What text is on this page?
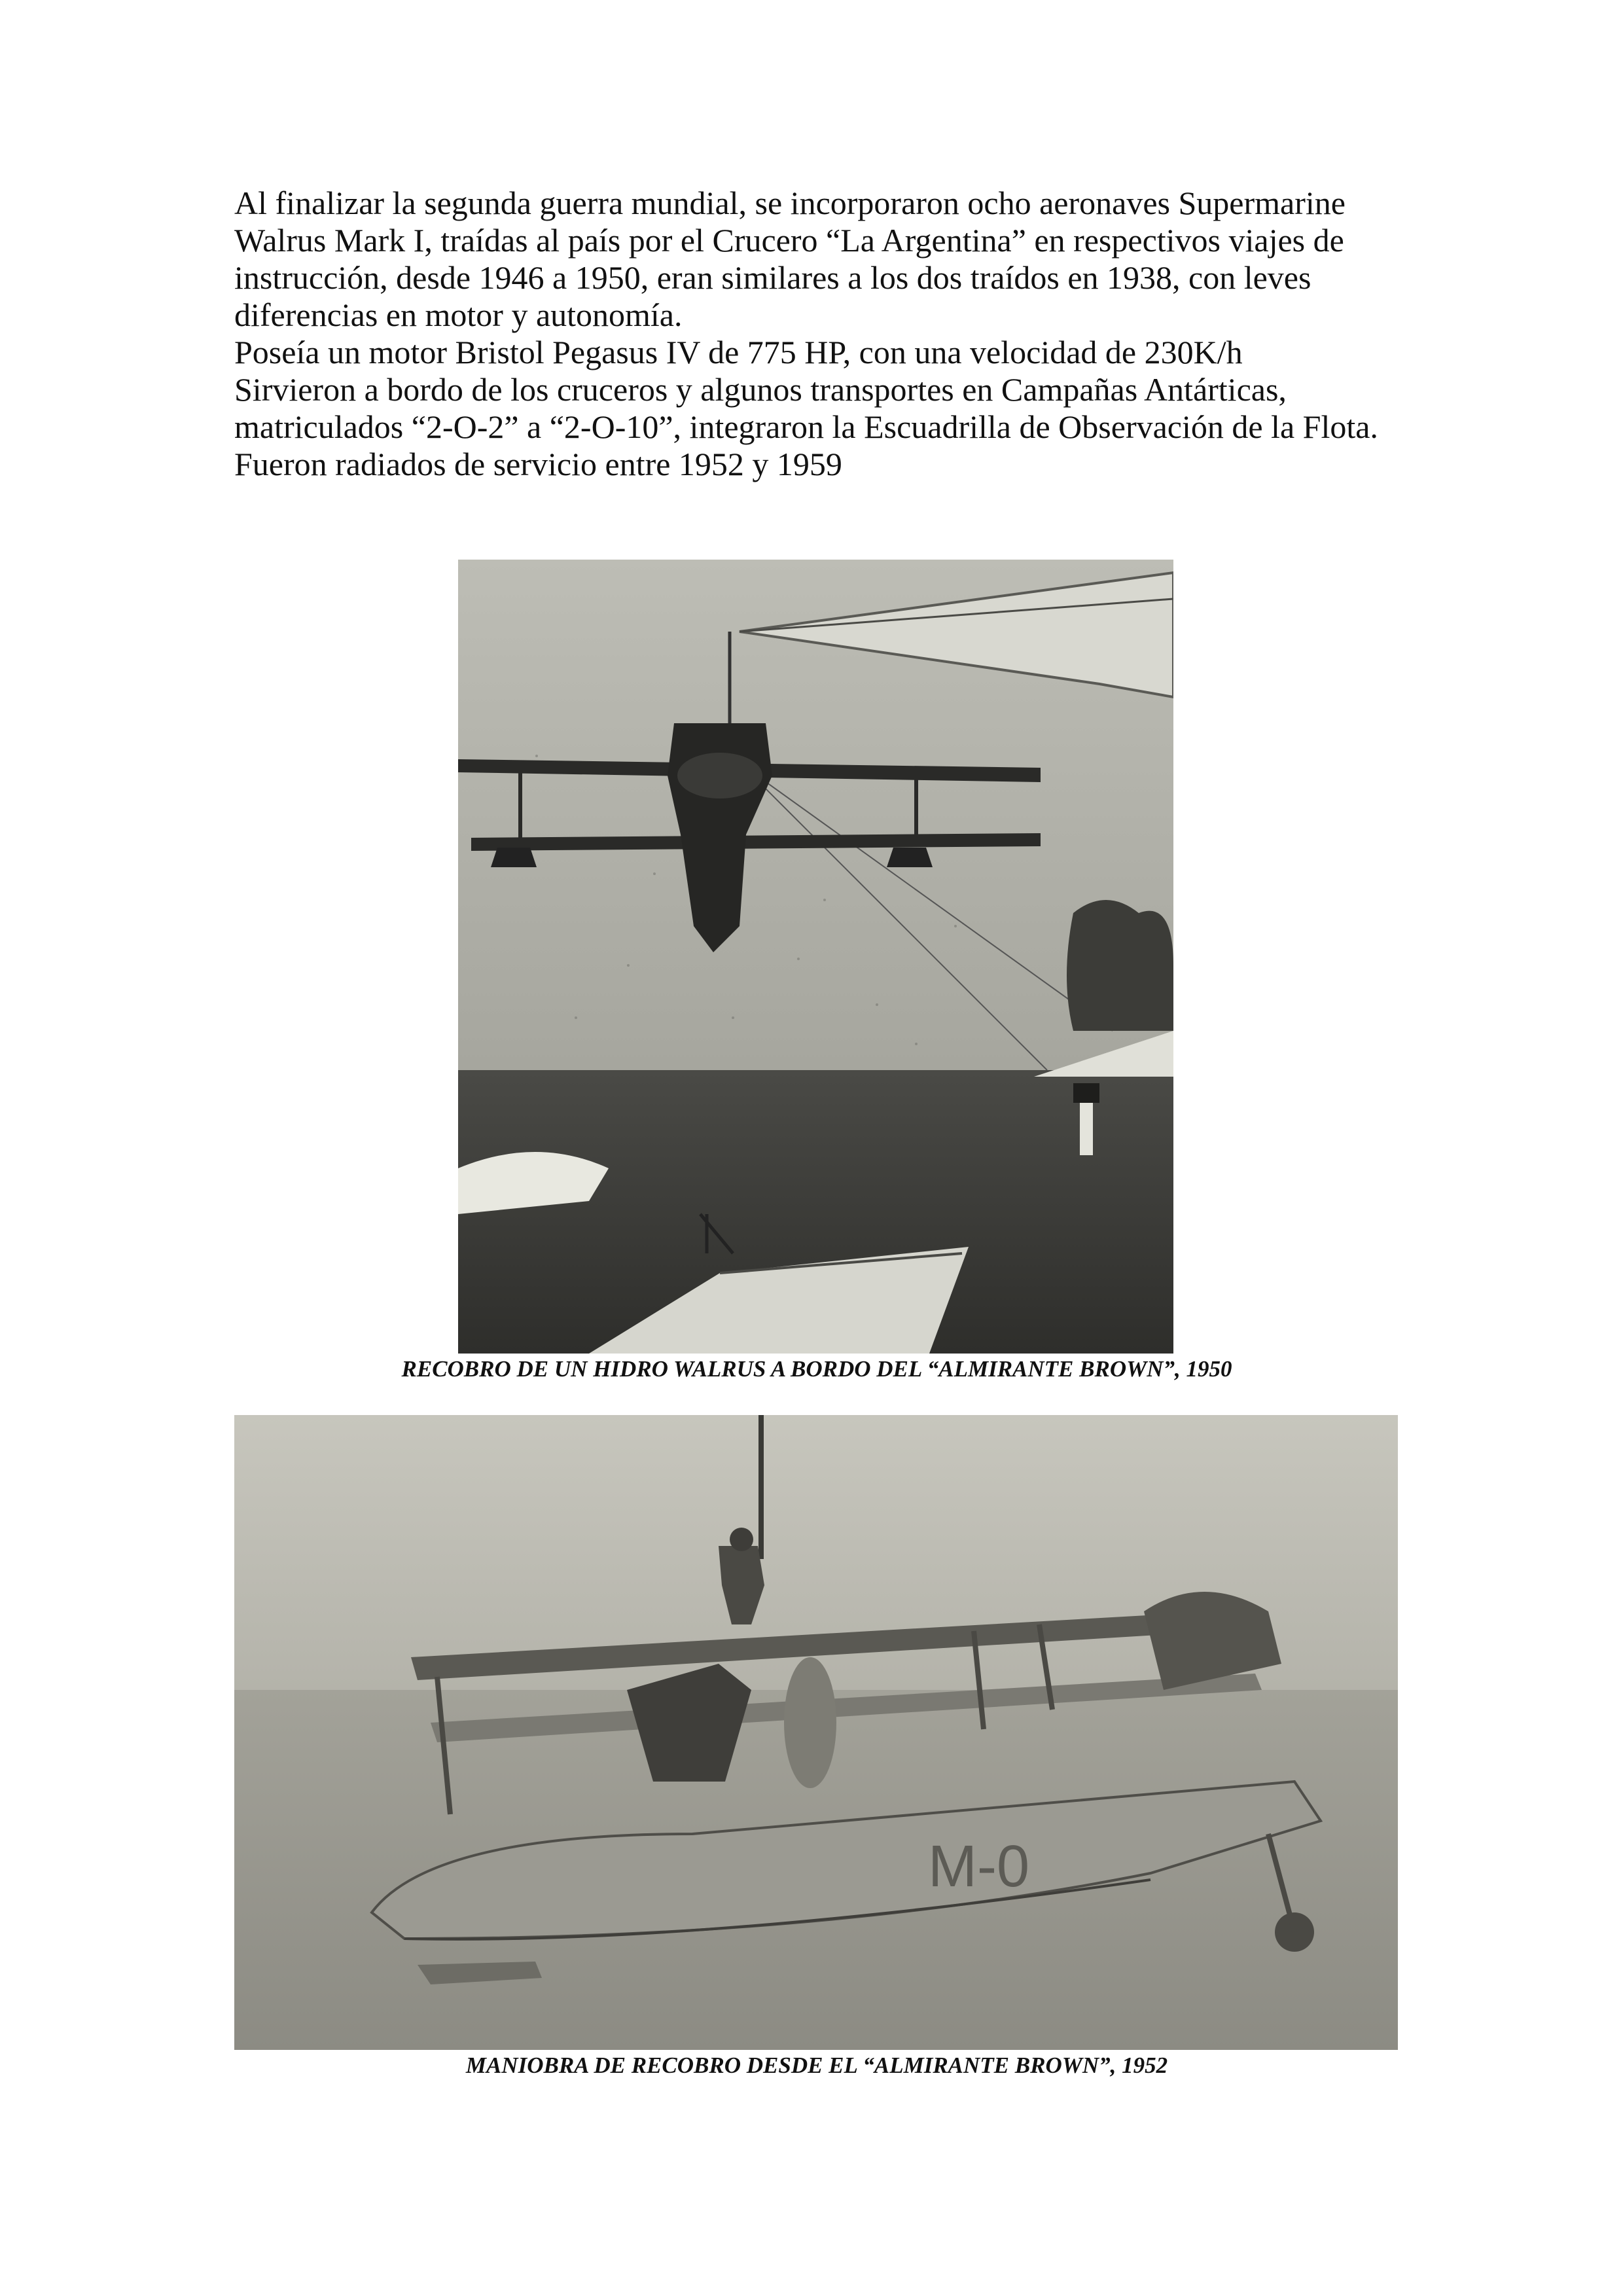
Al finalizar la segunda guerra mundial, se incorporaron ocho aeronaves Supermarine

Walrus Mark I, traídas al país por el Crucero “La Argentina” en respectivos viajes de

instrucción, desde 1946 a 1950, eran similares a los dos traídos en 1938, con leves

diferencias en motor y autonomía.

Poseía un motor Bristol Pegasus IV de 775 HP, con una velocidad de 230K/h

Sirvieron a bordo de los cruceros y algunos transportes en Campañas Antárticas,

matriculados “2-O-2” a “2-O-10”, integraron la Escuadrilla de Observación de la Flota.

Fueron radiados de servicio entre 1952 y 1959

RECOBRO DE UN HIDRO WALRUS A BORDO DEL “ALMIRANTE BROWN”, 1950
M-0
MANIOBRA DE RECOBRO DESDE EL “ALMIRANTE BROWN”, 1952
